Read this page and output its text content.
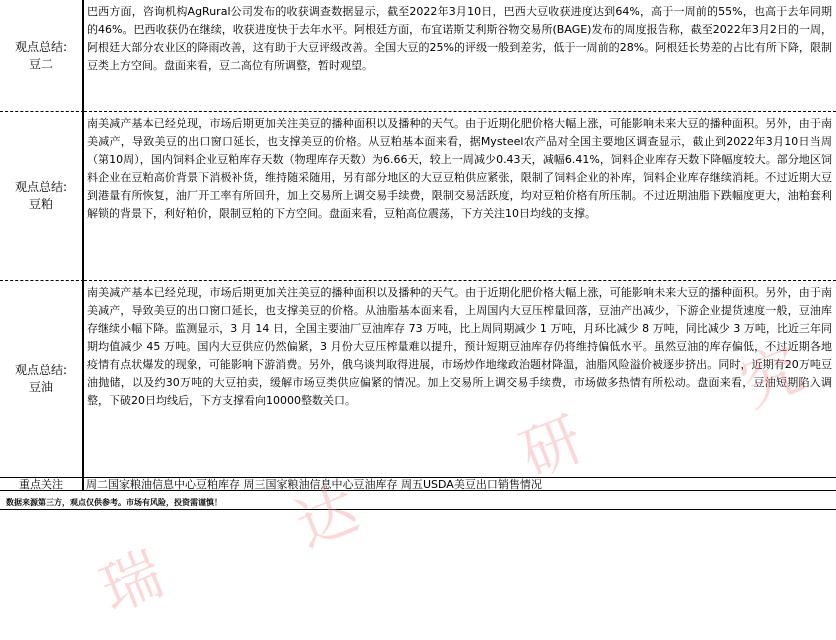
观点总结:
豆二
巴西方面，咨询机构AgRural公司发布的收获调查数据显示，截至2022年3月10日，巴西大豆收获进度达到64%，高于一周前的55%，也高于去年同期的46%。巴西收获仍在继续，收获进度快于去年水平。阿根廷方面，布宜诺斯艾利斯谷物交易所(BAGE)发布的周度报告称，截至2022年3月2日的一周，阿根廷大部分农业区的降雨改善，这有助于大豆评级改善。全国大豆的25%的评级一般到差劣，低于一周前的28%。阿根廷长势差的占比有所下降，限制豆类上方空间。盘面来看，豆二高位有所调整，暂时观望。
观点总结:
豆粕
南美减产基本已经兑现，市场后期更加关注美豆的播种面积以及播种的天气。由于近期化肥价格大幅上涨，可能影响未来大豆的播种面积。另外，由于南美减产，导致美豆的出口窗口延长，也支撑美豆的价格。从豆粕基本面来看，据Mysteel农产品对全国主要地区调查显示，截止到2022年3月10日当周（第10周），国内饲料企业豆粕库存天数（物理库存天数）为6.66天，较上一周减少0.43天，减幅6.41%，饲料企业库存天数下降幅度较大。部分地区饲料企业在豆粕高价背景下消极补货，维持随采随用，另有部分地区的大豆豆粕供应紧张，限制了饲料企业的补库，饲料企业库存继续消耗。不过近期大豆到港量有所恢复，油厂开工率有所回升，加上交易所上调交易手续费，限制交易活跃度，均对豆粕价格有所压制。不过近期油脂下跌幅度更大，油粕套利解锁的背景下，利好粕价，限制豆粕的下方空间。盘面来看，豆粕高位震荡，下方关注10日均线的支撑。
观点总结:
豆油
南美减产基本已经兑现，市场后期更加关注美豆的播种面积以及播种的天气。由于近期化肥价格大幅上涨，可能影响未来大豆的播种面积。另外，由于南美减产，导致美豆的出口窗口延长，也支撑美豆的价格。从油脂基本面来看，上周国内大豆压榨量回落，豆油产出减少，下游企业提货速度一般，豆油库存继续小幅下降。监测显示，3 月 14 日，全国主要油厂豆油库存 73 万吨，比上周同期减少 1 万吨，月环比减少 8 万吨，同比减少 3 万吨，比近三年同期均值减少 45 万吨。国内大豆供应仍然偏紧，3 月份大豆压榨量难以提升，预计短期豆油库存仍将维持偏低水平。虽然豆油的库存偏低，不过近期各地疫情有点状爆发的现象，可能影响下游消费。另外，俄乌谈判取得进展，市场炒作地缘政治题材降温，油脂风险溢价被逐步挤出。同时，近期有20万吨豆油抛储，以及约30万吨的大豆拍卖，缓解市场豆类供应偏紧的情况。加上交易所上调交易手续费，市场做多热情有所松动。盘面来看，豆油短期陷入调整，下破20日均线后，下方支撑看向10000整数关口。
重点关注	周二国家粮油信息中心豆粕库存 周三国家粮油信息中心豆油库存 周五USDA美豆出口销售情况
数据来源第三方，观点仅供参考。市场有风险，投资需谨慎！
瑞
达
研
究
